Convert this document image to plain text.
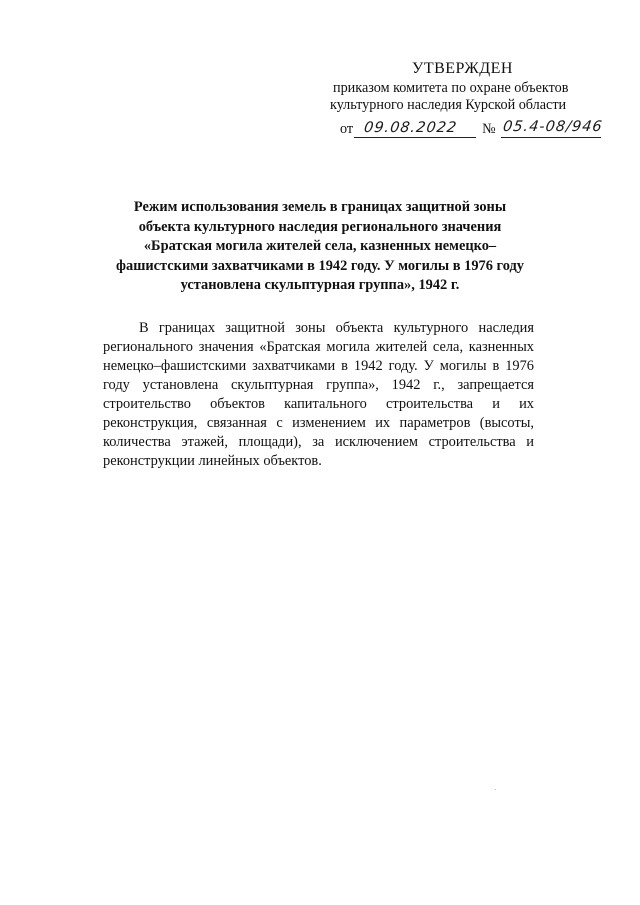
УТВЕРЖДЕН
приказом комитета по охране объектов
культурного наследия Курской области
от 09.08.2022 № 05.4-08/946
Режим использования земель в границах защитной зоны объекта культурного наследия регионального значения «Братская могила жителей села, казненных немецко–фашистскими захватчиками в 1942 году. У могилы в 1976 году установлена скульптурная группа», 1942 г.
В границах защитной зоны объекта культурного наследия регионального значения «Братская могила жителей села, казненных немецко–фашистскими захватчиками в 1942 году. У могилы в 1976 году установлена скульптурная группа», 1942 г., запрещается строительство объектов капитального строительства и их реконструкция, связанная с изменением их параметров (высоты, количества этажей, площади), за исключением строительства и реконструкции линейных объектов.
